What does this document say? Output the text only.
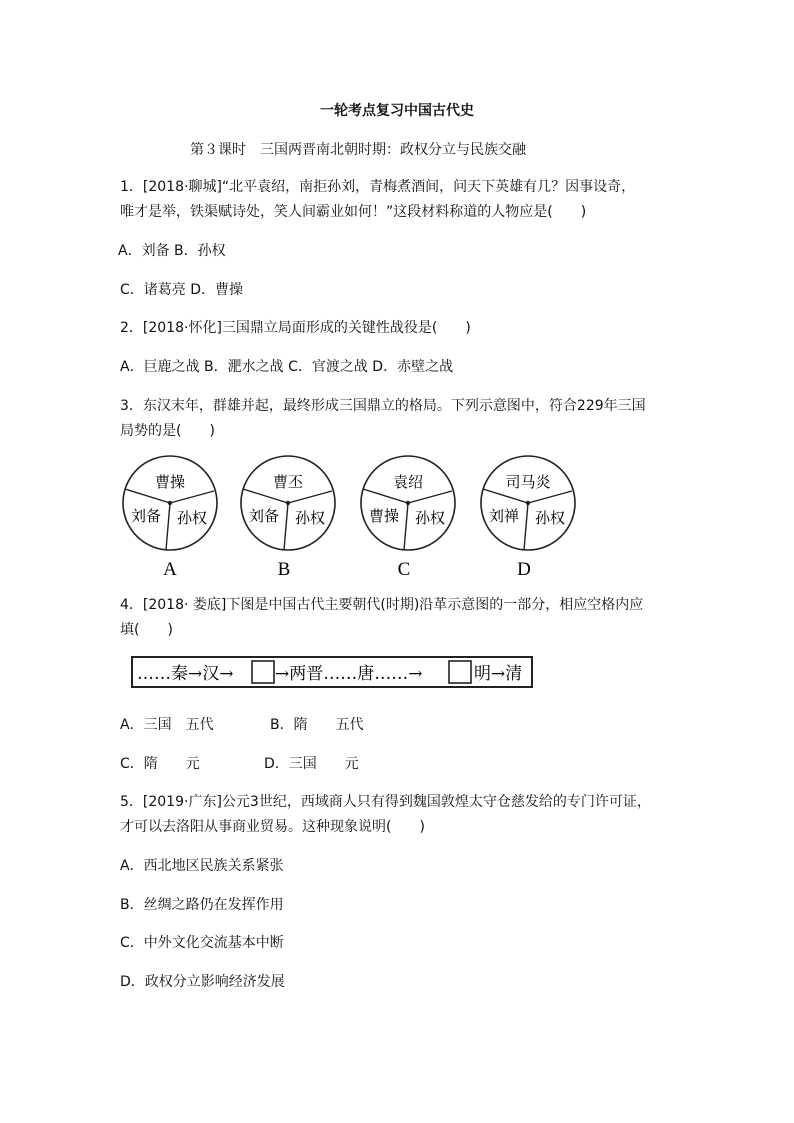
一轮考点复习中国古代史
第３课时　三国两晋南北朝时期：政权分立与民族交融
1．[2018·聊城]“北平袁绍，南拒孙刘，青梅煮酒间，问天下英雄有几？因事设奇，
唯才是举，铁渠赋诗处，笑人间霸业如何！”这段材料称道的人物应是(　　)
A．刘备 B．孙权
C．诸葛亮 D．曹操
2．[2018·怀化]三国鼎立局面形成的关键性战役是(　　)
A．巨鹿之战 B．淝水之战 C．官渡之战 D．赤壁之战
3．东汉末年，群雄并起，最终形成三国鼎立的格局。下列示意图中，符合229年三国
局势的是(　　)
曹操
刘备 孙权
曹丕
刘备 孙权
袁绍
曹操 孙权
司马炎
刘禅 孙权
A	B	C	D
4．[2018· 娄底]下图是中国古代主要朝代(时期)沿革示意图的一部分，相应空格内应
填(　　)
……秦→汉→ →两晋……唐……→	明→清
A．三国　五代	B．隋　　五代
C．隋　　元	D．三国　　元
5．[2019·广东]公元3世纪，西域商人只有得到魏国敦煌太守仓慈发给的专门许可证，
才可以去洛阳从事商业贸易。这种现象说明(　　)
A．西北地区民族关系紧张
B．丝绸之路仍在发挥作用
C．中外文化交流基本中断
D．政权分立影响经济发展
